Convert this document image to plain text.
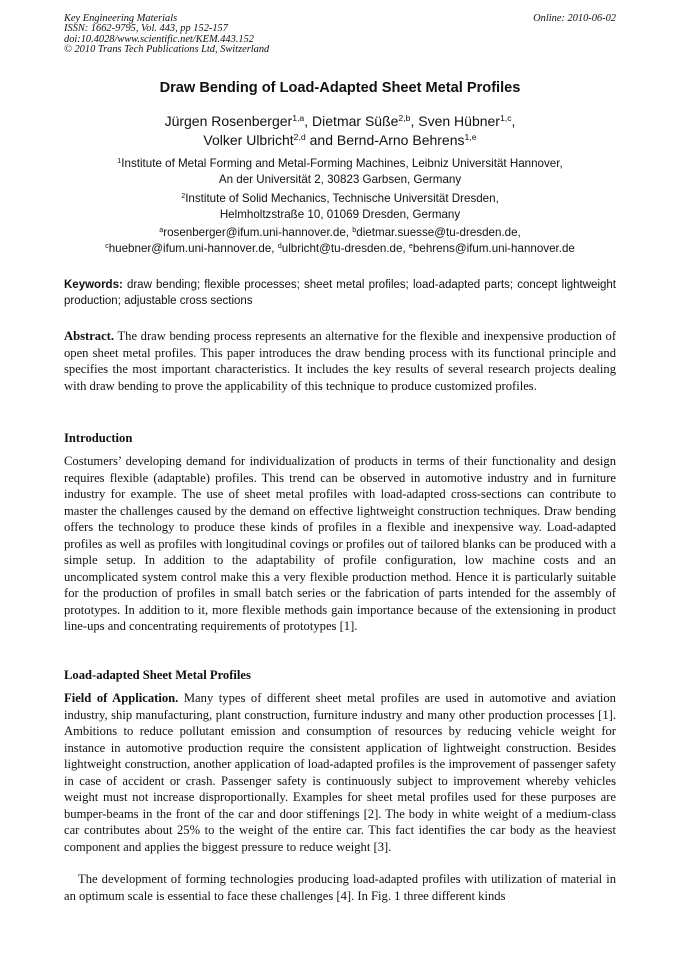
Key Engineering Materials
ISSN: 1662-9795, Vol. 443, pp 152-157
doi:10.4028/www.scientific.net/KEM.443.152
© 2010 Trans Tech Publications Ltd, Switzerland
Online: 2010-06-02
Draw Bending of Load-Adapted Sheet Metal Profiles
Jürgen Rosenberger$^{1,a}$, Dietmar Süße$^{2,b}$, Sven Hübner$^{1,c}$,
Volker Ulbricht$^{2,d}$ and Bernd-Arno Behrens$^{1,e}$
$^1$Institute of Metal Forming and Metal-Forming Machines, Leibniz Universität Hannover,
An der Universität 2, 30823 Garbsen, Germany
$^2$Institute of Solid Mechanics, Technische Universität Dresden,
Helmholtzstraße 10, 01069 Dresden, Germany
$^a$rosenberger@ifum.uni-hannover.de, $^b$dietmar.suesse@tu-dresden.de,
$^c$huebner@ifum.uni-hannover.de, $^d$ulbricht@tu-dresden.de, $^e$behrens@ifum.uni-hannover.de
Keywords: draw bending; flexible processes; sheet metal profiles; load-adapted parts; concept lightweight production; adjustable cross sections
Abstract. The draw bending process represents an alternative for the flexible and inexpensive production of open sheet metal profiles. This paper introduces the draw bending process with its functional principle and specifies the most important characteristics. It includes the key results of several research projects dealing with draw bending to prove the applicability of this technique to produce customized profiles.
Introduction
Costumers’ developing demand for individualization of products in terms of their functionality and design requires flexible (adaptable) profiles. This trend can be observed in automotive industry and in furniture industry for example. The use of sheet metal profiles with load-adapted cross-sections can contribute to master the challenges caused by the demand on effective lightweight construction techniques. Draw bending offers the technology to produce these kinds of profiles in a flexible and inexpensive way. Load-adapted profiles as well as profiles with longitudinal covings or profiles out of tailored blanks can be produced with a simple setup. In addition to the adaptability of profile configuration, low machine costs and an uncomplicated system control make this a very flexible production method. Hence it is particularly suitable for the production of profiles in small batch series or the fabrication of parts intended for the assembly of prototypes. In addition to it, more flexible methods gain importance because of the extensioning in product line-ups and concentrating requirements of prototypes [1].
Load-adapted Sheet Metal Profiles
Field of Application. Many types of different sheet metal profiles are used in automotive and aviation industry, ship manufacturing, plant construction, furniture industry and many other production processes [1]. Ambitions to reduce pollutant emission and consumption of resources by reducing vehicle weight for instance in automotive production require the consistent application of lightweight construction. Besides lightweight construction, another application of load-adapted profiles is the improvement of passenger safety in case of accident or crash. Passenger safety is continuously subject to improvement whereby vehicles weight must not increase disproportionally. Examples for sheet metal profiles used for these purposes are bumper-beams in the front of the car and door stiffenings [2]. The body in white weight of a medium-class car contributes about 25% to the weight of the entire car. This fact identifies the car body as the heaviest component and applies the biggest pressure to reduce weight [3].
The development of forming technologies producing load-adapted profiles with utilization of material in an optimum scale is essential to face these challenges [4]. In Fig. 1 three different kinds
